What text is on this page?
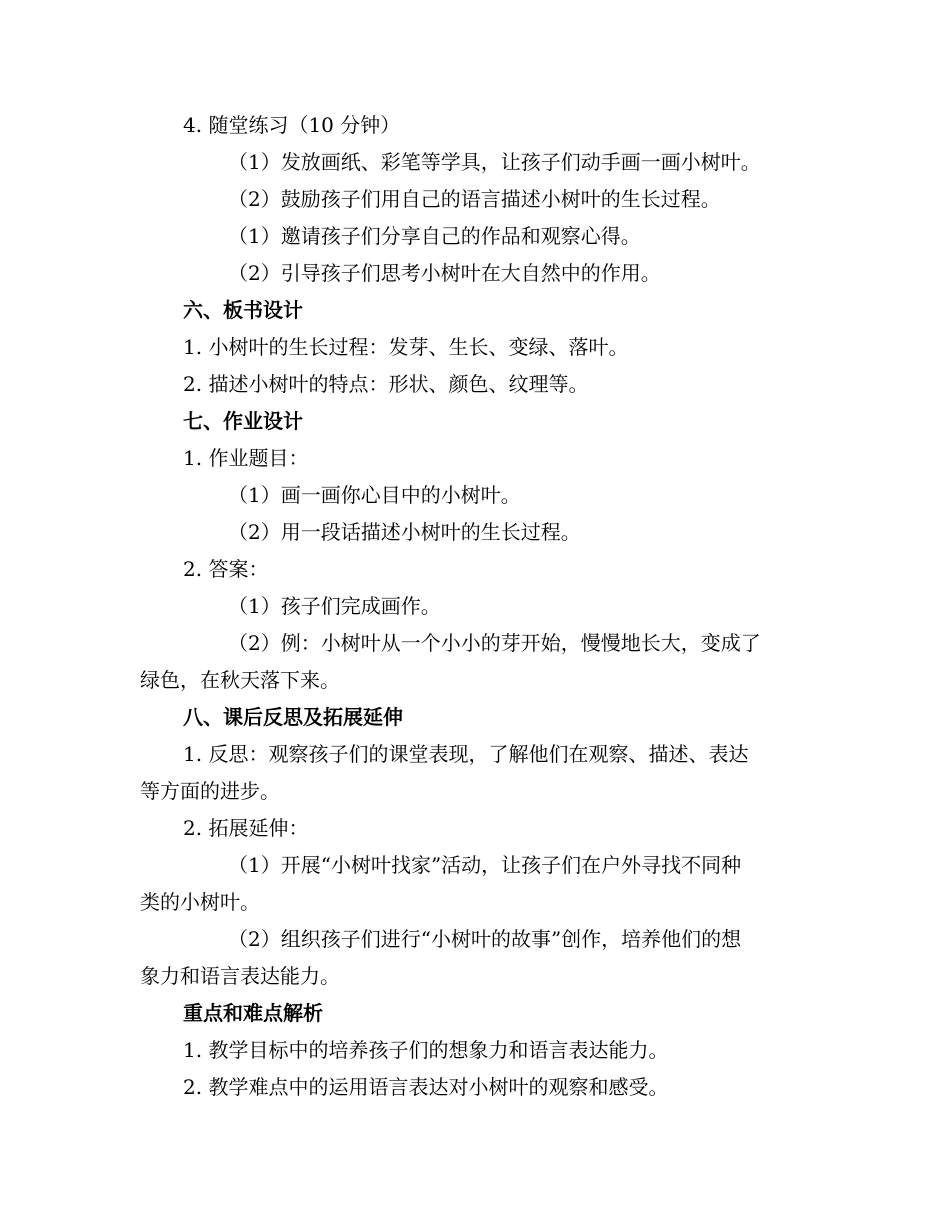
4. 随堂练习（10 分钟）
（1）发放画纸、彩笔等学具，让孩子们动手画一画小树叶。
（2）鼓励孩子们用自己的语言描述小树叶的生长过程。
（1）邀请孩子们分享自己的作品和观察心得。
（2）引导孩子们思考小树叶在大自然中的作用。
六、板书设计
1. 小树叶的生长过程：发芽、生长、变绿、落叶。
2. 描述小树叶的特点：形状、颜色、纹理等。
七、作业设计
1. 作业题目：
（1）画一画你心目中的小树叶。
（2）用一段话描述小树叶的生长过程。
2. 答案：
（1）孩子们完成画作。
（2）例：小树叶从一个小小的芽开始，慢慢地长大，变成了
绿色，在秋天落下来。
八、课后反思及拓展延伸
1. 反思：观察孩子们的课堂表现，了解他们在观察、描述、表达
等方面的进步。
2. 拓展延伸：
（1）开展“小树叶找家”活动，让孩子们在户外寻找不同种
类的小树叶。
（2）组织孩子们进行“小树叶的故事”创作，培养他们的想
象力和语言表达能力。
重点和难点解析
1. 教学目标中的培养孩子们的想象力和语言表达能力。
2. 教学难点中的运用语言表达对小树叶的观察和感受。
